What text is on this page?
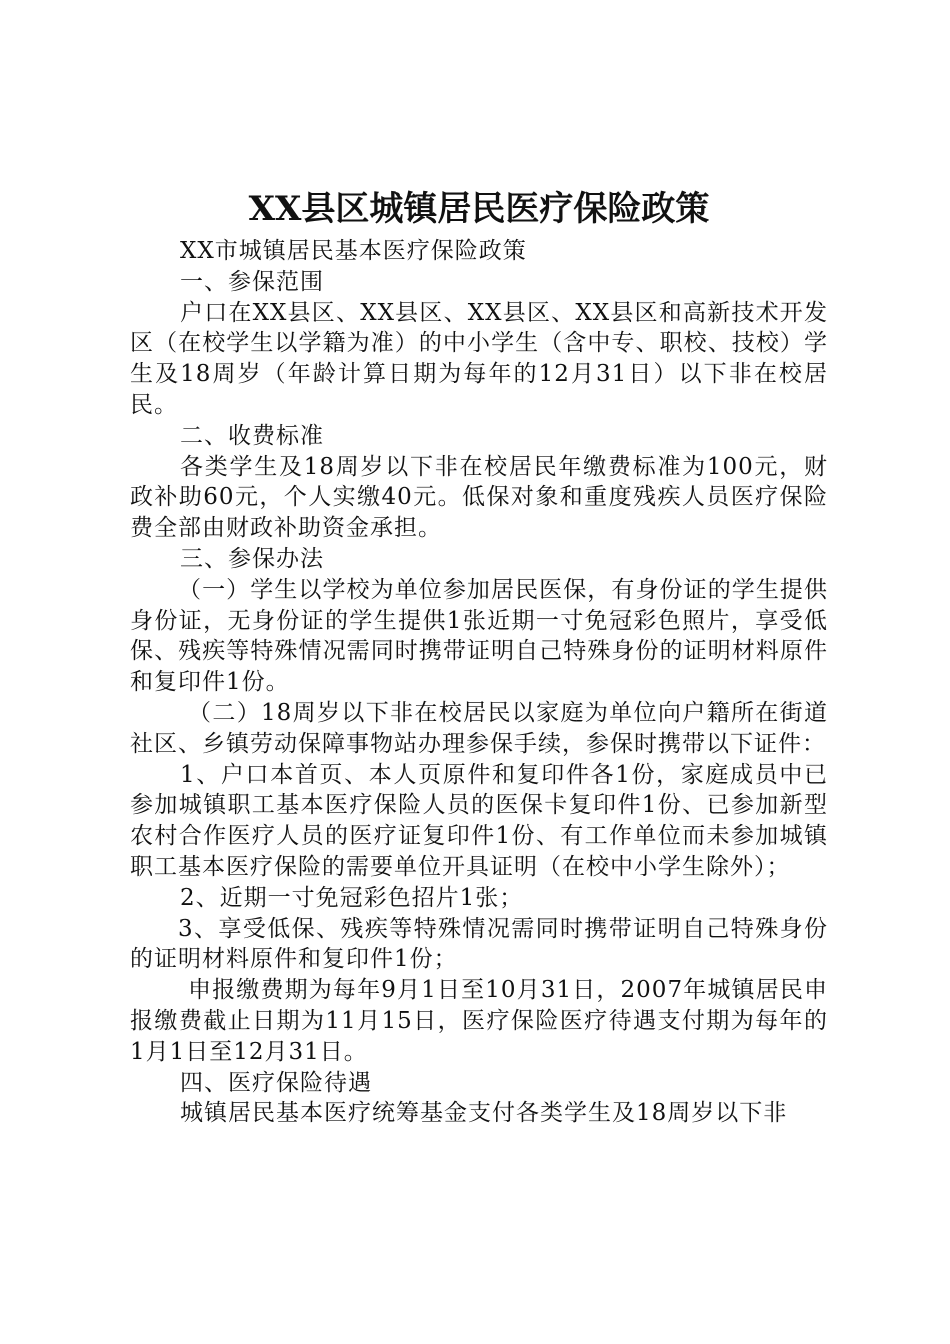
XX县区城镇居民医疗保险政策

XX市城镇居民基本医疗保险政策

一、参保范围

户口在XX县区、XX县区、XX县区、XX县区和高新技术开发区（在校学生以学籍为准）的中小学生（含中专、职校、技校）学生及18周岁（年龄计算日期为每年的12月31日）以下非在校居民。

二、收费标准

各类学生及18周岁以下非在校居民年缴费标准为100元，财政补助60元，个人实缴40元。低保对象和重度残疾人员医疗保险费全部由财政补助资金承担。

三、参保办法

（一）学生以学校为单位参加居民医保，有身份证的学生提供身份证，无身份证的学生提供1张近期一寸免冠彩色照片，享受低保、残疾等特殊情况需同时携带证明自己特殊身份的证明材料原件和复印件1份。

（二）18周岁以下非在校居民以家庭为单位向户籍所在街道社区、乡镇劳动保障事物站办理参保手续，参保时携带以下证件：

1、户口本首页、本人页原件和复印件各1份，家庭成员中已参加城镇职工基本医疗保险人员的医保卡复印件1份、已参加新型农村合作医疗人员的医疗证复印件1份、有工作单位而未参加城镇职工基本医疗保险的需要单位开具证明（在校中小学生除外）；

2、近期一寸免冠彩色招片1张；

3、享受低保、残疾等特殊情况需同时携带证明自己特殊身份的证明材料原件和复印件1份；

申报缴费期为每年9月1日至10月31日，2007年城镇居民申报缴费截止日期为11月15日，医疗保险医疗待遇支付期为每年的1月1日至12月31日。

四、医疗保险待遇

城镇居民基本医疗统筹基金支付各类学生及18周岁以下非
